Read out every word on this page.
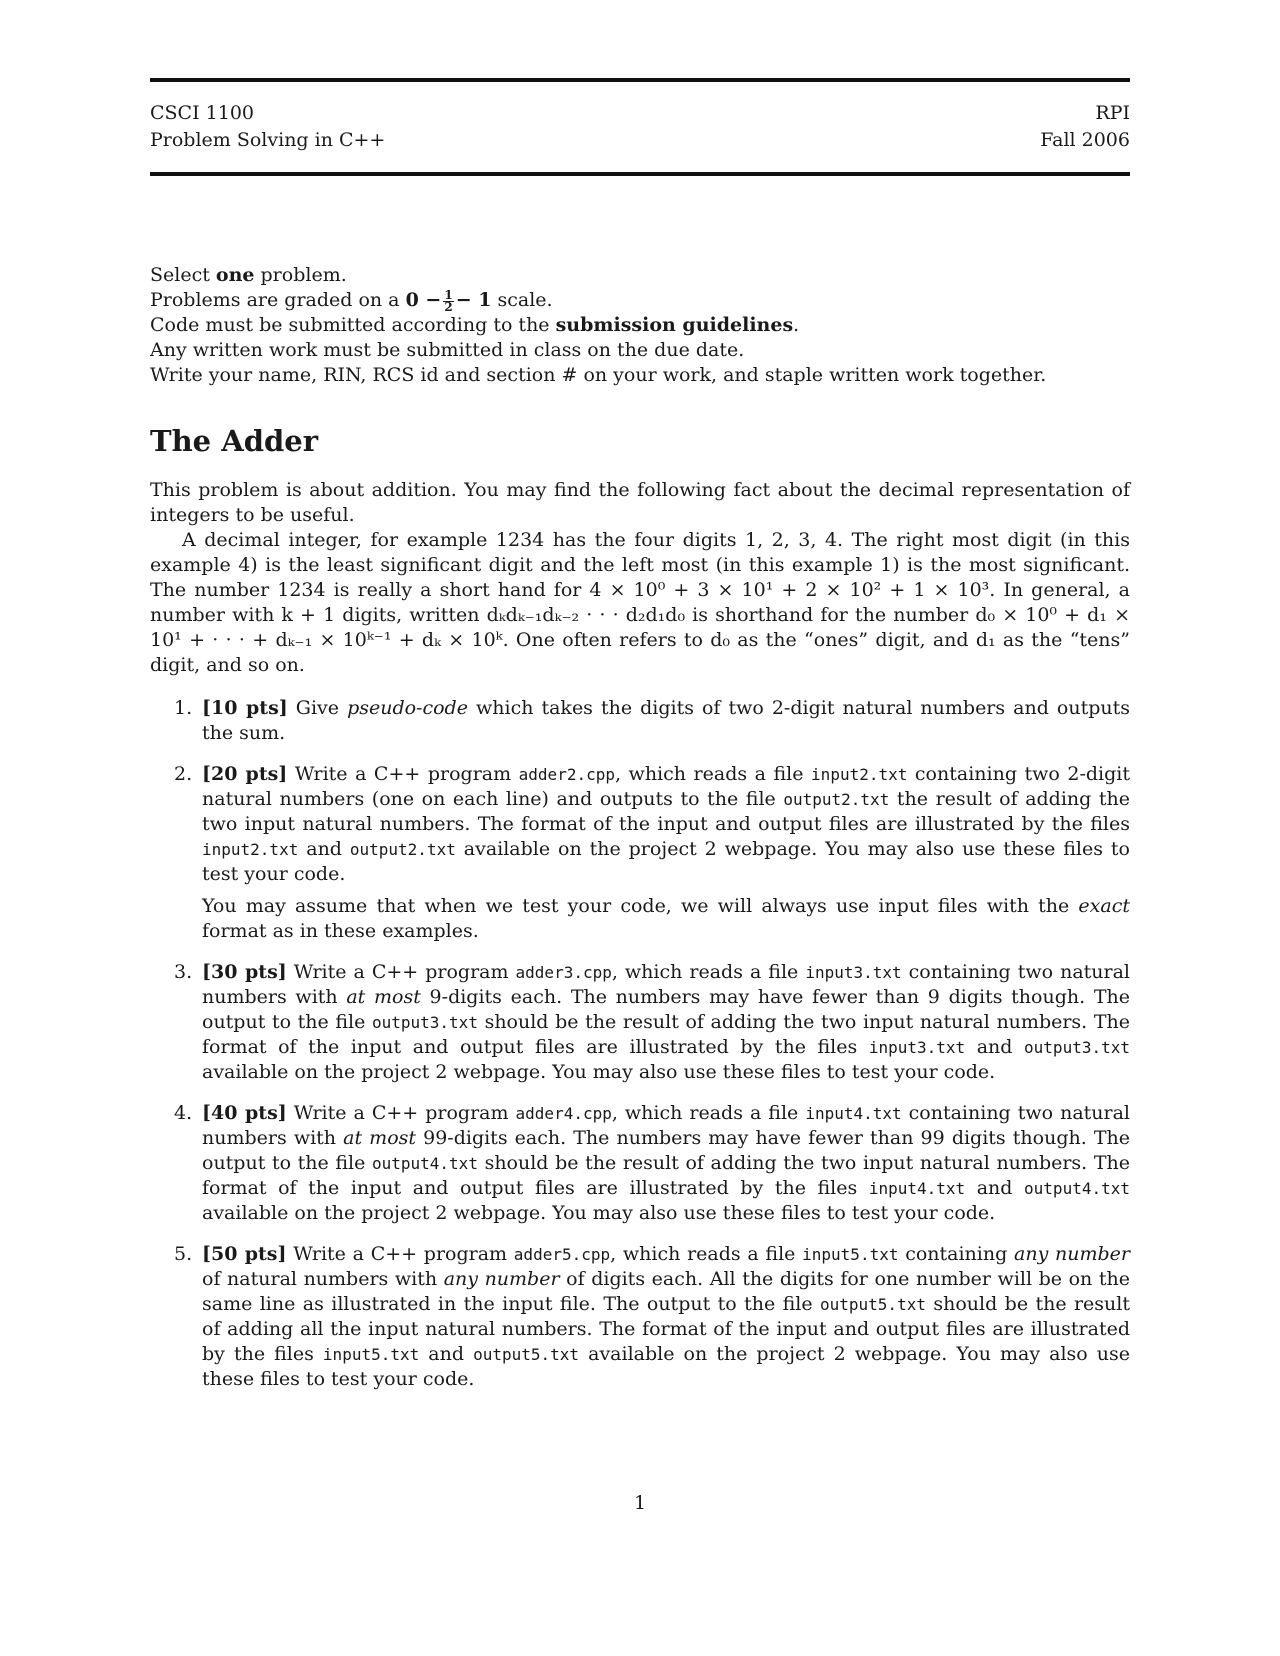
CSCI 1100
Problem Solving in C++
RPI
Fall 2006
Select one problem.
Problems are graded on a $0 - \frac{1}{2} - 1$ scale.
Code must be submitted according to the submission guidelines.
Any written work must be submitted in class on the due date.
Write your name, RIN, RCS id and section # on your work, and staple written work together.
The Adder

This problem is about addition. You may find the following fact about the decimal representation of integers to be useful.

A decimal integer, for example 1234 has the four digits 1, 2, 3, 4. The right most digit (in this example 4) is the least significant digit and the left most (in this example 1) is the most significant. The number 1234 is really a short hand for 4 × 10⁰ + 3 × 10¹ + 2 × 10² + 1 × 10³. In general, a number with k + 1 digits, written dₖdₖ₋₁dₖ₋₂ · · · d₂d₁d₀ is shorthand for the number d₀ × 10⁰ + d₁ × 10¹ + · · · + dₖ₋₁ × 10ᵏ⁻¹ + dₖ × 10ᵏ. One often refers to d₀ as the “ones” digit, and d₁ as the “tens” digit, and so on.

1. [10 pts] Give pseudo-code which takes the digits of two 2-digit natural numbers and outputs the sum.
2. [20 pts] Write a C++ program adder2.cpp, which reads a file input2.txt containing two 2-digit natural numbers (one on each line) and outputs to the file output2.txt the result of adding the two input natural numbers. The format of the input and output files are illustrated by the files input2.txt and output2.txt available on the project 2 webpage. You may also use these files to test your code.
You may assume that when we test your code, we will always use input files with the exact format as in these examples.
3. [30 pts] Write a C++ program adder3.cpp, which reads a file input3.txt containing two natural numbers with at most 9-digits each. The numbers may have fewer than 9 digits though. The output to the file output3.txt should be the result of adding the two input natural numbers. The format of the input and output files are illustrated by the files input3.txt and output3.txt available on the project 2 webpage. You may also use these files to test your code.
4. [40 pts] Write a C++ program adder4.cpp, which reads a file input4.txt containing two natural numbers with at most 99-digits each. The numbers may have fewer than 99 digits though. The output to the file output4.txt should be the result of adding the two input natural numbers. The format of the input and output files are illustrated by the files input4.txt and output4.txt available on the project 2 webpage. You may also use these files to test your code.
5. [50 pts] Write a C++ program adder5.cpp, which reads a file input5.txt containing any number of natural numbers with any number of digits each. All the digits for one number will be on the same line as illustrated in the input file. The output to the file output5.txt should be the result of adding all the input natural numbers. The format of the input and output files are illustrated by the files input5.txt and output5.txt available on the project 2 webpage. You may also use these files to test your code.
1
